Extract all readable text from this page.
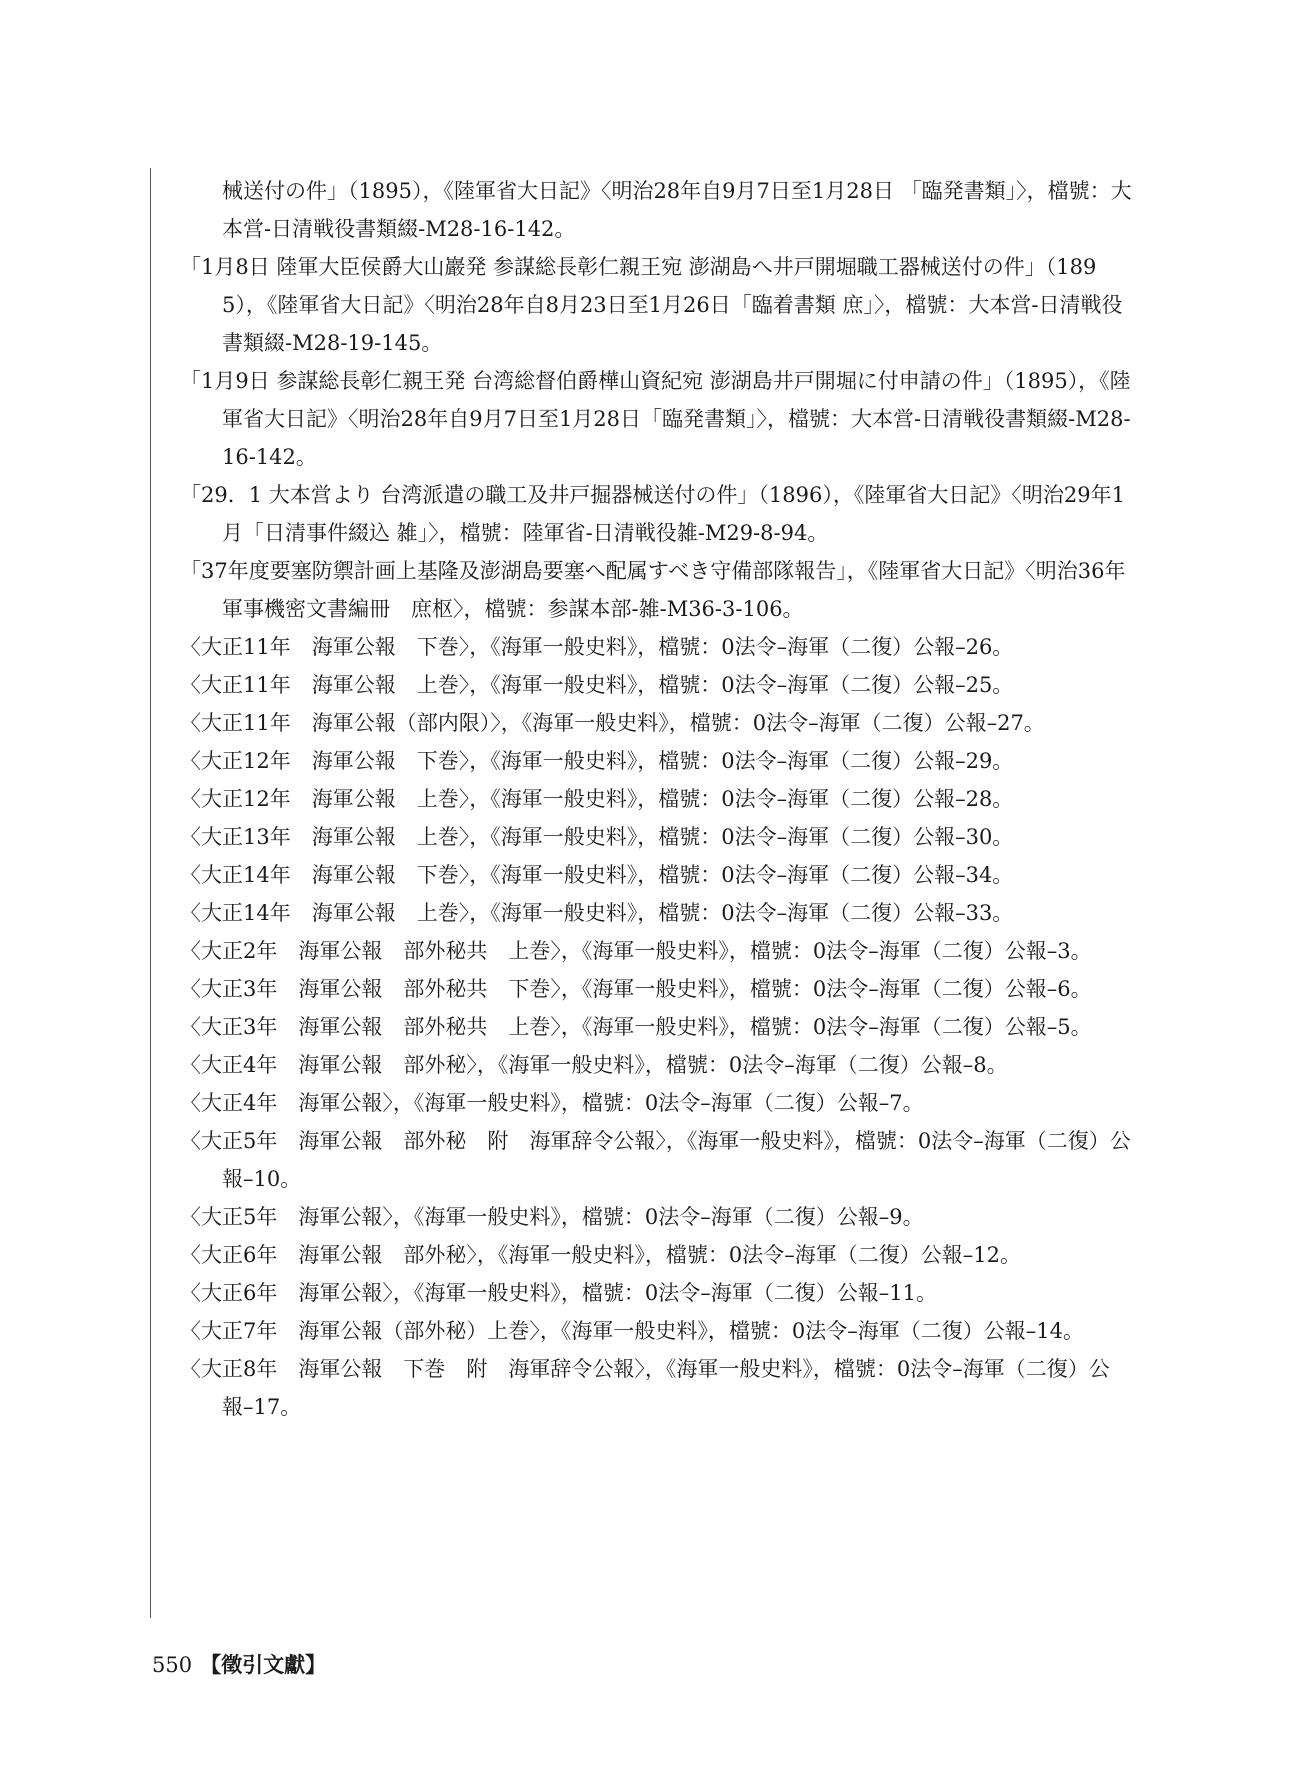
械送付の件」（1895），《陸軍省大日記》〈明治28年自9月7日至1月28日 「臨発書類」〉，檔號：大本営-日清戦役書類綴-M28-16-142。
「1月8日 陸軍大臣侯爵大山巖発 参謀総長彰仁親王宛 澎湖島へ井戸開堀職工器械送付の件」（1895），《陸軍省大日記》〈明治28年自8月23日至1月26日「臨着書類 庶」〉，檔號：大本営-日清戦役書類綴-M28-19-145。
「1月9日 参謀総長彰仁親王発 台湾総督伯爵樺山資紀宛 澎湖島井戸開堀に付申請の件」（1895），《陸軍省大日記》〈明治28年自9月7日至1月28日「臨発書類」〉，檔號：大本営-日清戦役書類綴-M28-16-142。
「29．1 大本営より 台湾派遣の職工及井戸掘器械送付の件」（1896），《陸軍省大日記》〈明治29年1月「日清事件綴込 雑」〉，檔號：陸軍省-日清戦役雑-M29-8-94。
「37年度要塞防禦計画上基隆及澎湖島要塞へ配属すべき守備部隊報告」，《陸軍省大日記》〈明治36年　軍事機密文書編冊　庶枢〉，檔號：参謀本部-雑-M36-3-106。
〈大正11年　海軍公報　下巻〉，《海軍一般史料》，檔號：0法令–海軍（二復）公報–26。
〈大正11年　海軍公報　上巻〉，《海軍一般史料》，檔號：0法令–海軍（二復）公報–25。
〈大正11年　海軍公報（部内限）〉，《海軍一般史料》，檔號：0法令–海軍（二復）公報–27。
〈大正12年　海軍公報　下巻〉，《海軍一般史料》，檔號：0法令–海軍（二復）公報–29。
〈大正12年　海軍公報　上巻〉，《海軍一般史料》，檔號：0法令–海軍（二復）公報–28。
〈大正13年　海軍公報　上巻〉，《海軍一般史料》，檔號：0法令–海軍（二復）公報–30。
〈大正14年　海軍公報　下巻〉，《海軍一般史料》，檔號：0法令–海軍（二復）公報–34。
〈大正14年　海軍公報　上巻〉，《海軍一般史料》，檔號：0法令–海軍（二復）公報–33。
〈大正2年　海軍公報　部外秘共　上巻〉，《海軍一般史料》，檔號：0法令–海軍（二復）公報–3。
〈大正3年　海軍公報　部外秘共　下巻〉，《海軍一般史料》，檔號：0法令–海軍（二復）公報–6。
〈大正3年　海軍公報　部外秘共　上巻〉，《海軍一般史料》，檔號：0法令–海軍（二復）公報–5。
〈大正4年　海軍公報　部外秘〉，《海軍一般史料》，檔號：0法令–海軍（二復）公報–8。
〈大正4年　海軍公報〉，《海軍一般史料》，檔號：0法令–海軍（二復）公報–7。
〈大正5年　海軍公報　部外秘　附　海軍辞令公報〉，《海軍一般史料》，檔號：0法令–海軍（二復）公報–10。
〈大正5年　海軍公報〉，《海軍一般史料》，檔號：0法令–海軍（二復）公報–9。
〈大正6年　海軍公報　部外秘〉，《海軍一般史料》，檔號：0法令–海軍（二復）公報–12。
〈大正6年　海軍公報〉，《海軍一般史料》，檔號：0法令–海軍（二復）公報–11。
〈大正7年　海軍公報（部外秘）上巻〉，《海軍一般史料》，檔號：0法令–海軍（二復）公報–14。
〈大正8年　海軍公報　下巻　附　海軍辞令公報〉，《海軍一般史料》，檔號：0法令–海軍（二復）公報–17。
550 【徵引文獻】
